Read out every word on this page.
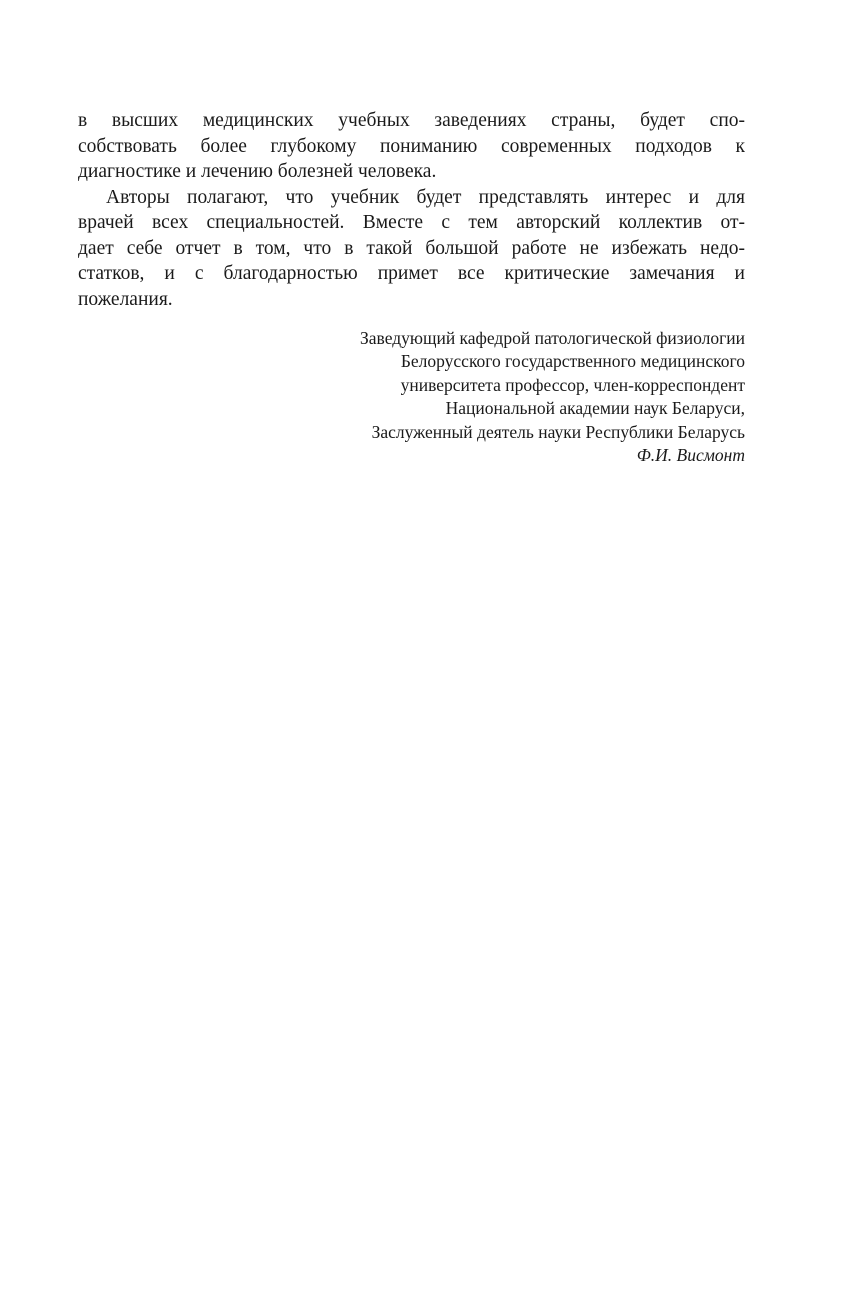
в высших медицинских учебных заведениях страны, будет спо-
собствовать более глубокому пониманию современных подходов к
диагностике и лечению болезней человека.
Авторы полагают, что учебник будет представлять интерес и для
врачей всех специальностей. Вместе с тем авторский коллектив от-
дает себе отчет в том, что в такой большой работе не избежать недо-
статков, и с благодарностью примет все критические замечания и
пожелания.
Заведующий кафедрой патологической физиологии
Белорусского государственного медицинского
университета профессор, член-корреспондент
Национальной академии наук Беларуси,
Заслуженный деятель науки Республики Беларусь
Ф.И. Висмонт
